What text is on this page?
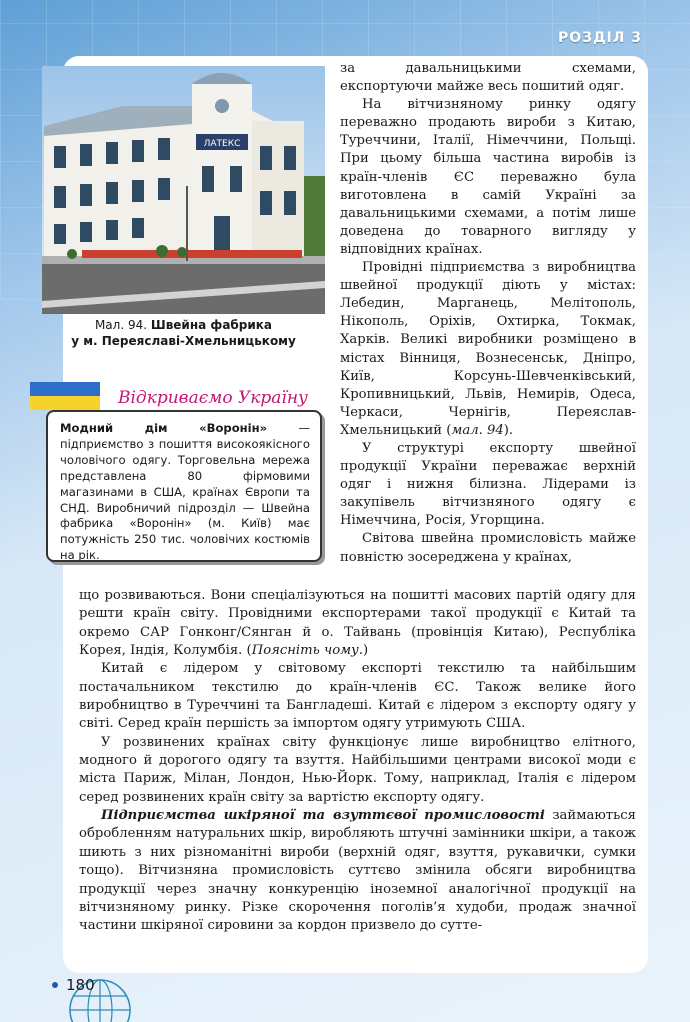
РОЗДІЛ 3
ЛАТЕКС
Мал. 94. Швейна фабрика
у м. Переяславі-Хмельницькому
Відкриваємо Україну
Модний дім «Воронін» — підприємство з пошиття високоякісного чоловічого одягу. Торговельна мережа представлена 80 фірмовими магазинами в США, країнах Європи та СНД. Виробничий підрозділ — Швейна фабрика «Воронін» (м. Київ) має потужність 250 тис. чоловічих костюмів на рік.

за давальницькими схемами, експортуючи майже весь пошитий одяг.

На вітчизняному ринку одягу переважно продають вироби з Китаю, Туреччини, Італії, Німеччини, Польщі. При цьому більша частина виробів із країн-членів ЄС переважно була виготовлена в самій Україні за давальницькими схемами, а потім лише доведена до товарного вигляду у відповідних країнах.

Провідні підприємства з виробництва швейної продукції діють у містах: Лебедин, Марганець, Мелітополь, Нікополь, Оріхів, Охтирка, Токмак, Харків. Великі виробники розміщено в містах Вінниця, Вознесенськ, Дніпро, Київ, Корсунь-Шевченківський, Кропивницький, Львів, Немирів, Одеса, Черкаси, Чернігів, Переяслав-Хмельницький (мал. 94).

У структурі експорту швейної продукції України переважає верхній одяг і нижня білизна. Лідерами із закупівель вітчизняного одягу є Німеччина, Росія, Угорщина.

Світова швейна промисловість майже повністю зосереджена у країнах,

що розвиваються. Вони спеціалізуються на пошитті масових партій одягу для решти країн світу. Провідними експортерами такої продукції є Китай та окремо САР Гонконг/Сянган й о. Тайвань (провінція Китаю), Республіка Корея, Індія, Колумбія. (Поясніть чому.)

Китай є лідером у світовому експорті текстилю та найбільшим постачальником текстилю до країн-членів ЄС. Також велике його виробництво в Туреччині та Бангладеші. Китай є лідером з експорту одягу у світі. Серед країн першість за імпортом одягу утримують США.

У розвинених країнах світу функціонує лише виробництво елітного, модного й дорогого одягу та взуття. Найбільшими центрами високої моди є міста Париж, Мілан, Лондон, Нью-Йорк. Тому, наприклад, Італія є лідером серед розвинених країн світу за вартістю експорту одягу.

Підприємства шкіряної та взуттєвої промисловості займаються обробленням натуральних шкір, виробляють штучні замінники шкіри, а також шиють з них різноманітні вироби (верхній одяг, взуття, рукавички, сумки тощо). Вітчизняна промисловість суттєво змінила обсяги виробництва продукції через значну конкуренцію іноземної аналогічної продукції на вітчизняному ринку. Різке скорочення поголів’я худоби, продаж значної частини шкіряної сировини за кордон призвело до сутте-

180
